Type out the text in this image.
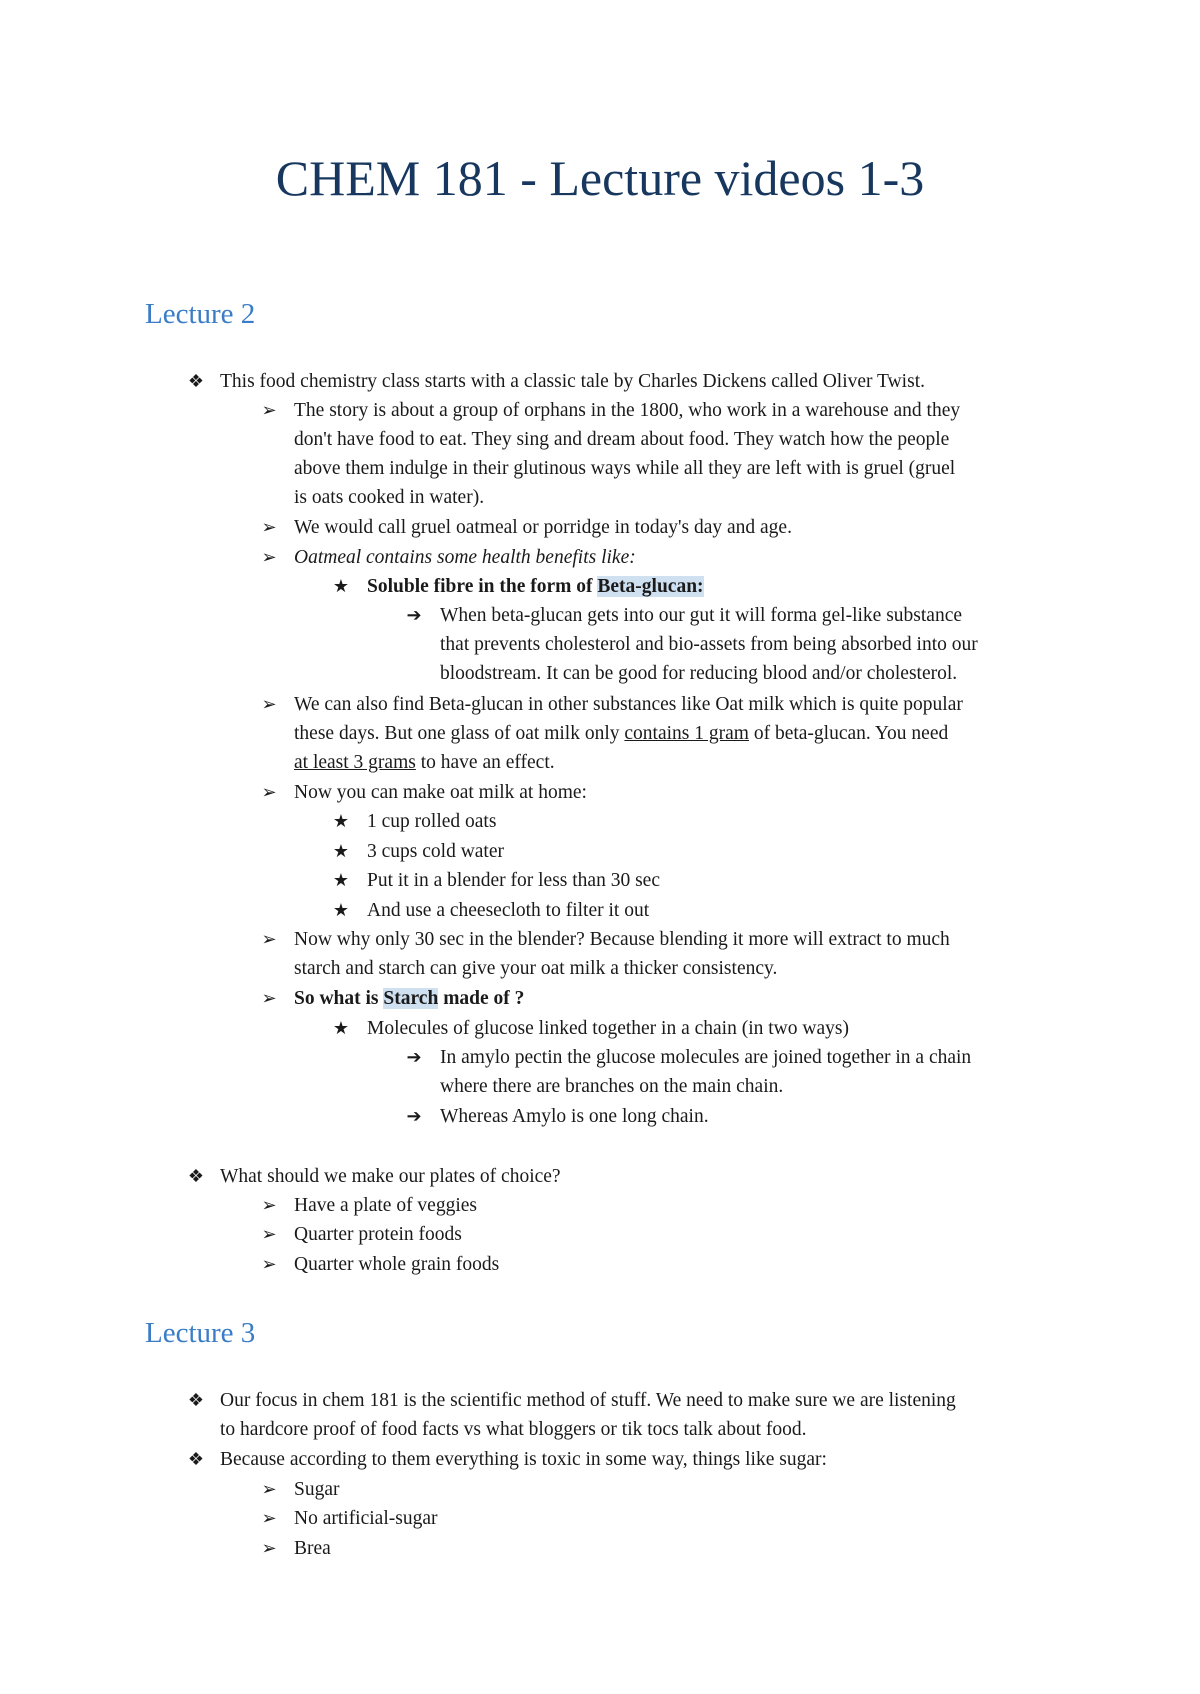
CHEM 181 - Lecture videos 1-3
Lecture 2
❖ This food chemistry class starts with a classic tale by Charles Dickens called Oliver Twist.
➢ The story is about a group of orphans in the 1800, who work in a warehouse and they
don't have food to eat. They sing and dream about food. They watch how the people
above them indulge in their glutinous ways while all they are left with is gruel (gruel
is oats cooked in water).
➢ We would call gruel oatmeal or porridge in today's day and age.
➢ Oatmeal contains some health benefits like:
★ Soluble fibre in the form of Beta-glucan:
➔ When beta-glucan gets into our gut it will forma gel-like substance
that prevents cholesterol and bio-assets from being absorbed into our
bloodstream. It can be good for reducing blood and/or cholesterol.
➢ We can also find Beta-glucan in other substances like Oat milk which is quite popular
these days. But one glass of oat milk only contains 1 gram of beta-glucan. You need
at least 3 grams to have an effect.
➢ Now you can make oat milk at home:
★ 1 cup rolled oats
★ 3 cups cold water
★ Put it in a blender for less than 30 sec
★ And use a cheesecloth to filter it out
➢ Now why only 30 sec in the blender? Because blending it more will extract to much
starch and starch can give your oat milk a thicker consistency.
➢ So what is Starch made of ?
★ Molecules of glucose linked together in a chain (in two ways)
➔ In amylo pectin the glucose molecules are joined together in a chain
where there are branches on the main chain.
➔ Whereas Amylo is one long chain.
❖ What should we make our plates of choice?
➢ Have a plate of veggies
➢ Quarter protein foods
➢ Quarter whole grain foods
Lecture 3
❖ Our focus in chem 181 is the scientific method of stuff. We need to make sure we are listening
to hardcore proof of food facts vs what bloggers or tik tocs talk about food.
❖ Because according to them everything is toxic in some way, things like sugar:
➢ Sugar
➢ No artificial-sugar
➢ Brea
